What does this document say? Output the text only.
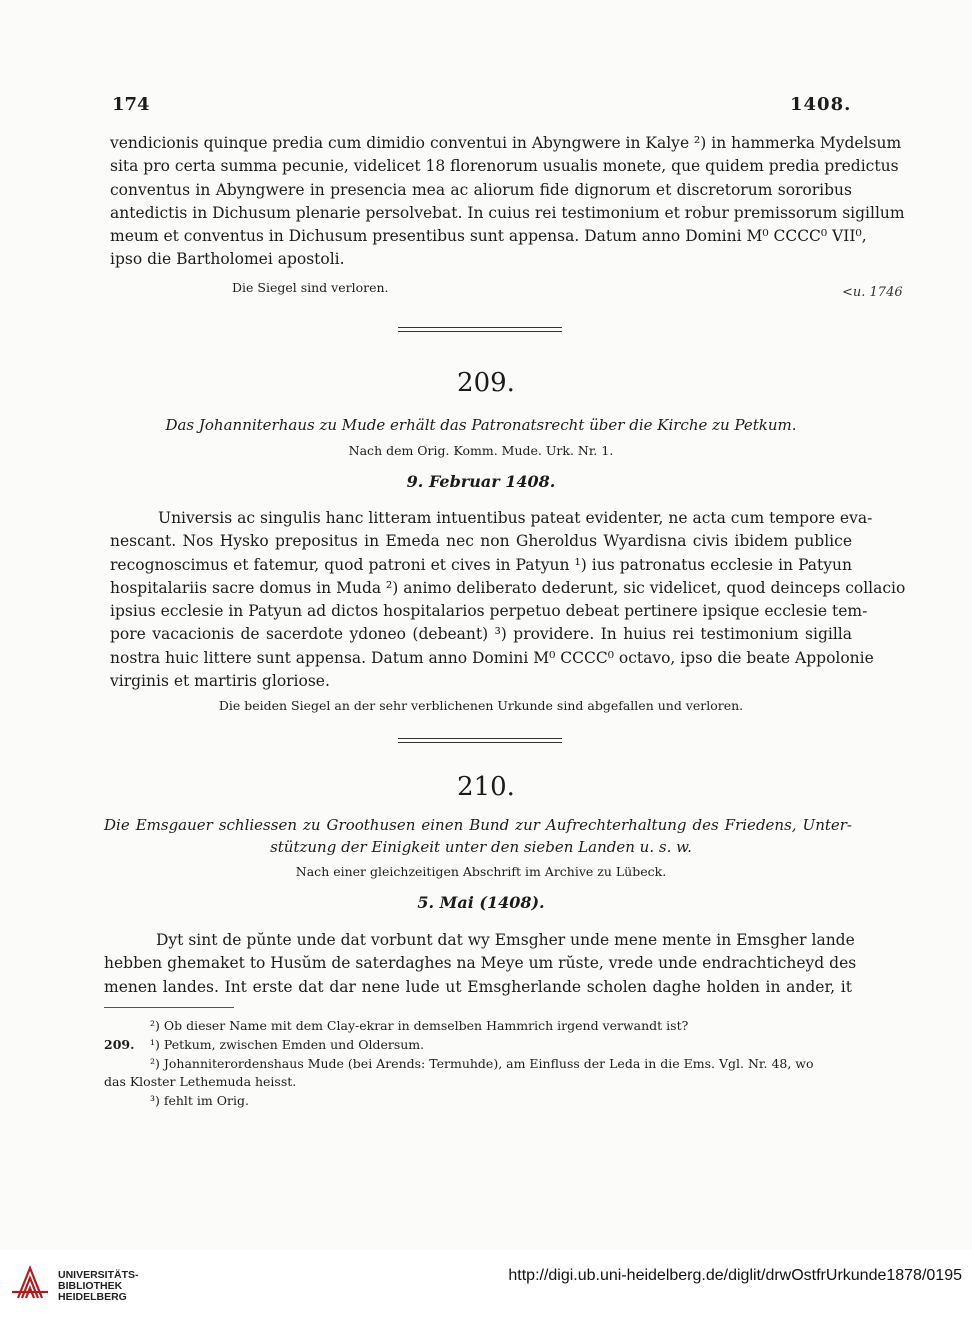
174	1408.
vendicionis quinque predia cum dimidio conventui in Abyngwere in Kalye ²) in hammerka Mydelsum
sita pro certa summa pecunie, videlicet 18 florenorum usualis monete, que quidem predia predictus
conventus in Abyngwere in presencia mea ac aliorum fide dignorum et discretorum sororibus
antedictis in Dichusum plenarie persolvebat. In cuius rei testimonium et robur premissorum sigillum
meum et conventus in Dichusum presentibus sunt appensa. Datum anno Domini M⁰ CCCC⁰ VII⁰,
ipso die Bartholomei apostoli.
Die Siegel sind verloren.	<u. 1746
209.
Das Johanniterhaus zu Mude erhält das Patronatsrecht über die Kirche zu Petkum.
Nach dem Orig. Komm. Mude. Urk. Nr. 1.
9. Februar 1408.
Universis ac singulis hanc litteram intuentibus pateat evidenter, ne acta cum tempore eva-
nescant. Nos Hysko prepositus in Emeda nec non Gheroldus Wyardisna civis ibidem publice
recognoscimus et fatemur, quod patroni et cives in Patyun ¹) ius patronatus ecclesie in Patyun
hospitalariis sacre domus in Muda ²) animo deliberato dederunt, sic videlicet, quod deinceps collacio
ipsius ecclesie in Patyun ad dictos hospitalarios perpetuo debeat pertinere ipsique ecclesie tem-
pore vacacionis de sacerdote ydoneo (debeant) ³) providere. In huius rei testimonium sigilla
nostra huic littere sunt appensa. Datum anno Domini M⁰ CCCC⁰ octavo, ipso die beate Appolonie
virginis et martiris gloriose.
Die beiden Siegel an der sehr verblichenen Urkunde sind abgefallen und verloren.
210.
Die Emsgauer schliessen zu Groothusen einen Bund zur Aufrechterhaltung des Friedens, Unter-
stützung der Einigkeit unter den sieben Landen u. s. w.
Nach einer gleichzeitigen Abschrift im Archive zu Lübeck.
5. Mai (1408).
Dyt sint de pŭnte unde dat vorbunt dat wy Emsgher unde mene mente in Emsgher lande
hebben ghemaket to Husŭm de saterdaghes na Meye um rŭste, vrede unde endrachticheyd des
menen landes. Int erste dat dar nene lude ut Emsgherlande scholen daghe holden in ander, it
²) Ob dieser Name mit dem Clay-ekrar in demselben Hammrich irgend verwandt ist?
209. ¹) Petkum, zwischen Emden und Oldersum.
²) Johanniterordenshaus Mude (bei Arends: Termuhde), am Einfluss der Leda in die Ems. Vgl. Nr. 48, wo
das Kloster Lethemuda heisst.
³) fehlt im Orig.
UNIVERSITÄTS-
BIBLIOTHEK
HEIDELBERG
http://digi.ub.uni-heidelberg.de/diglit/drwOstfrUrkunde1878/0195
